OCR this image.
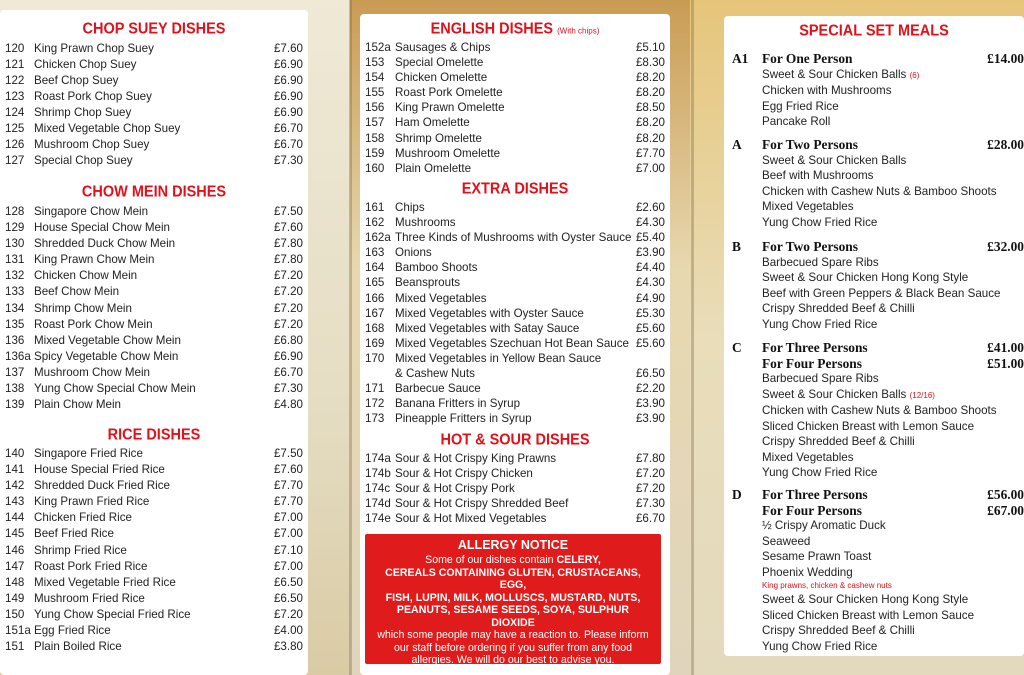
CHOP SUEY DISHES
120 King Prawn Chop Suey	£7.60
121 Chicken Chop Suey	£6.90
122 Beef Chop Suey	£6.90
123 Roast Pork Chop Suey	£6.90
124 Shrimp Chop Suey	£6.90
125 Mixed Vegetable Chop Suey	£6.70
126 Mushroom Chop Suey	£6.70
127 Special Chop Suey	£7.30
CHOW MEIN DISHES
128 Singapore Chow Mein	£7.50
129 House Special Chow Mein	£7.60
130 Shredded Duck Chow Mein	£7.80
131 King Prawn Chow Mein	£7.80
132 Chicken Chow Mein	£7.20
133 Beef Chow Mein	£7.20
134 Shrimp Chow Mein	£7.20
135 Roast Pork Chow Mein	£7.20
136 Mixed Vegetable Chow Mein	£6.80
136a Spicy Vegetable Chow Mein	£6.90
137 Mushroom Chow Mein	£6.70
138 Yung Chow Special Chow Mein	£7.30
139 Plain Chow Mein	£4.80
RICE DISHES
140 Singapore Fried Rice	£7.50
141 House Special Fried Rice	£7.60
142 Shredded Duck Fried Rice	£7.70
143 King Prawn Fried Rice	£7.70
144 Chicken Fried Rice	£7.00
145 Beef Fried Rice	£7.00
146 Shrimp Fried Rice	£7.10
147 Roast Pork Fried Rice	£7.00
148 Mixed Vegetable Fried Rice	£6.50
149 Mushroom Fried Rice	£6.50
150 Yung Chow Special Fried Rice	£7.20
151a Egg Fried Rice	£4.00
151 Plain Boiled Rice	£3.80
ENGLISH DISHES (With chips)
152a Sausages & Chips	£5.10
153 Special Omelette	£8.30
154 Chicken Omelette	£8.20
155 Roast Pork Omelette	£8.20
156 King Prawn Omelette	£8.50
157 Ham Omelette	£8.20
158 Shrimp Omelette	£8.20
159 Mushroom Omelette	£7.70
160 Plain Omelette	£7.00
EXTRA DISHES
161 Chips	£2.60
162 Mushrooms	£4.30
162a Three Kinds of Mushrooms with Oyster Sauce £5.40
163 Onions	£3.90
164 Bamboo Shoots	£4.40
165 Beansprouts	£4.30
166 Mixed Vegetables	£4.90
167 Mixed Vegetables with Oyster Sauce	£5.30
168 Mixed Vegetables with Satay Sauce	£5.60
169 Mixed Vegetables Szechuan Hot Bean Sauce £5.60
170 Mixed Vegetables in Yellow Bean Sauce
& Cashew Nuts	£6.50
171 Barbecue Sauce	£2.20
172 Banana Fritters in Syrup	£3.90
173 Pineapple Fritters in Syrup	£3.90
HOT & SOUR DISHES
174a Sour & Hot Crispy King Prawns	£7.80
174b Sour & Hot Crispy Chicken	£7.20
174c Sour & Hot Crispy Pork	£7.20
174d Sour & Hot Crispy Shredded Beef	£7.30
174e Sour & Hot Mixed Vegetables	£6.70
ALLERGY NOTICE
Some of our dishes contain CELERY,
CEREALS CONTAINING GLUTEN, CRUSTACEANS, EGG,
FISH, LUPIN, MILK, MOLLUSCS, MUSTARD, NUTS,
PEANUTS, SESAME SEEDS, SOYA, SULPHUR DIOXIDE
which some people may have a reaction to. Please inform
our staff before ordering if you suffer from any food
allergies. We will do our best to advise you.
SPECIAL SET MEALS
A1	For One Person	£14.00
Sweet & Sour Chicken Balls (6)
Chicken with Mushrooms
Egg Fried Rice
Pancake Roll
A	For Two Persons	£28.00
Sweet & Sour Chicken Balls
Beef with Mushrooms
Chicken with Cashew Nuts & Bamboo Shoots
Mixed Vegetables
Yung Chow Fried Rice
B	For Two Persons	£32.00
Barbecued Spare Ribs
Sweet & Sour Chicken Hong Kong Style
Beef with Green Peppers & Black Bean Sauce
Crispy Shredded Beef & Chilli
Yung Chow Fried Rice
C	For Three Persons	£41.00
For Four Persons	£51.00
Barbecued Spare Ribs
Sweet & Sour Chicken Balls (12/16)
Chicken with Cashew Nuts & Bamboo Shoots
Sliced Chicken Breast with Lemon Sauce
Crispy Shredded Beef & Chilli
Mixed Vegetables
Yung Chow Fried Rice
D	For Three Persons	£56.00
For Four Persons	£67.00
½ Crispy Aromatic Duck
Seaweed
Sesame Prawn Toast
Phoenix Wedding
King prawns, chicken & cashew nuts
Sweet & Sour Chicken Hong Kong Style
Sliced Chicken Breast with Lemon Sauce
Crispy Shredded Beef & Chilli
Yung Chow Fried Rice
